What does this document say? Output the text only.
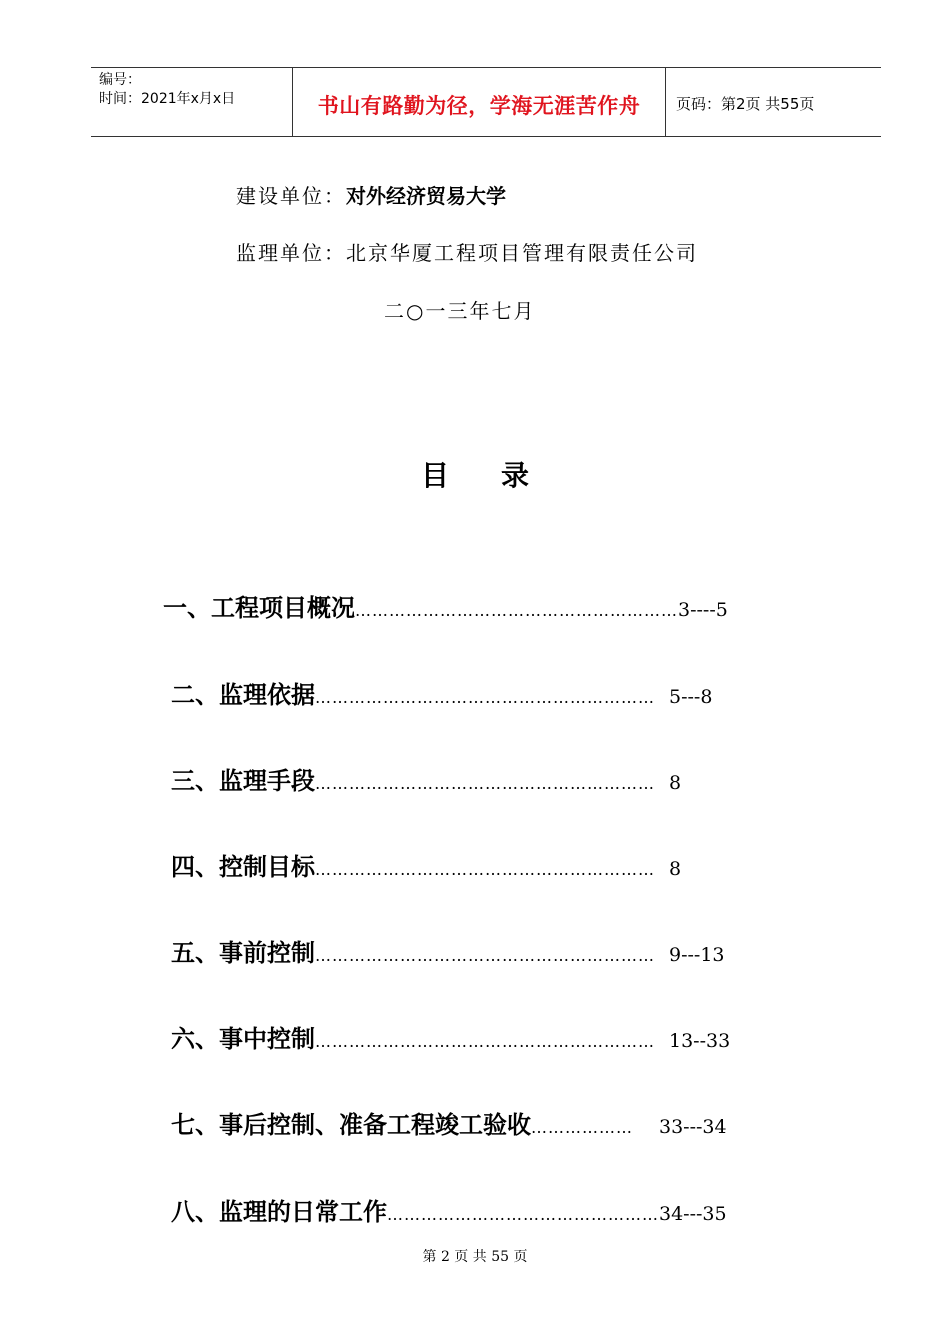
编号：
时间：2021年x月x日	书山有路勤为径，学海无涯苦作舟	页码：第2页 共55页
建设单位：对外经济贸易大学
监理单位：北京华厦工程项目管理有限责任公司
二○一三年七月
目 录
一、工程项目概况…………………………………………………3----5
二、监理依据…………………………………………………… 5---8
三、监理手段…………………………………………………… 8
四、控制目标…………………………………………………… 8
五、事前控制…………………………………………………… 9---13
六、事中控制…………………………………………………… 13--33
七、事后控制、准备工程竣工验收……………… 33---34
八、监理的日常工作…………………………………………34---35
第 2 页 共 55 页
